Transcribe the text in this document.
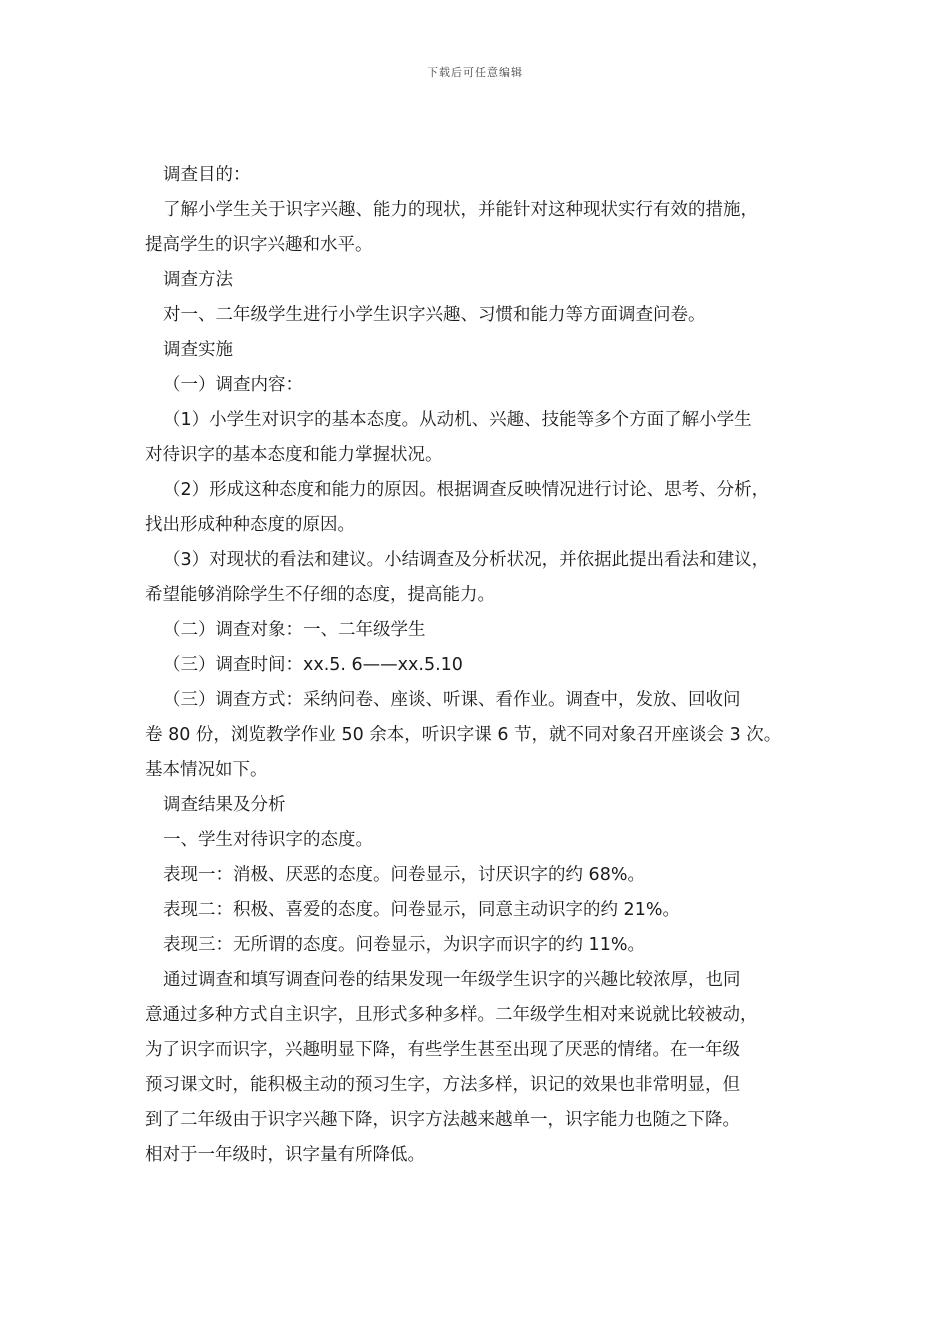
下载后可任意编辑

调查目的：

了解小学生关于识字兴趣、能力的现状，并能针对这种现状实行有效的措施，

提高学生的识字兴趣和水平。

调查方法

对一、二年级学生进行小学生识字兴趣、习惯和能力等方面调查问卷。

调查实施

（一）调查内容：

（1）小学生对识字的基本态度。从动机、兴趣、技能等多个方面了解小学生

对待识字的基本态度和能力掌握状况。

（2）形成这种态度和能力的原因。根据调查反映情况进行讨论、思考、分析，

找出形成种种态度的原因。

（3）对现状的看法和建议。小结调查及分析状况，并依据此提出看法和建议，

希望能够消除学生不仔细的态度，提高能力。

（二）调查对象：一、二年级学生

（三）调查时间：xx.5. 6——xx.5.10

（三）调查方式：采纳问卷、座谈、听课、看作业。调查中，发放、回收问

卷 80 份，浏览教学作业 50 余本，听识字课 6 节，就不同对象召开座谈会 3 次。

基本情况如下。

调查结果及分析

一、学生对待识字的态度。

表现一：消极、厌恶的态度。问卷显示，讨厌识字的约 68%。

表现二：积极、喜爱的态度。问卷显示，同意主动识字的约 21%。

表现三：无所谓的态度。问卷显示，为识字而识字的约 11%。

通过调查和填写调查问卷的结果发现一年级学生识字的兴趣比较浓厚，也同

意通过多种方式自主识字，且形式多种多样。二年级学生相对来说就比较被动，

为了识字而识字，兴趣明显下降，有些学生甚至出现了厌恶的情绪。在一年级

预习课文时，能积极主动的预习生字，方法多样，识记的效果也非常明显，但

到了二年级由于识字兴趣下降，识字方法越来越单一，识字能力也随之下降。

相对于一年级时，识字量有所降低。
